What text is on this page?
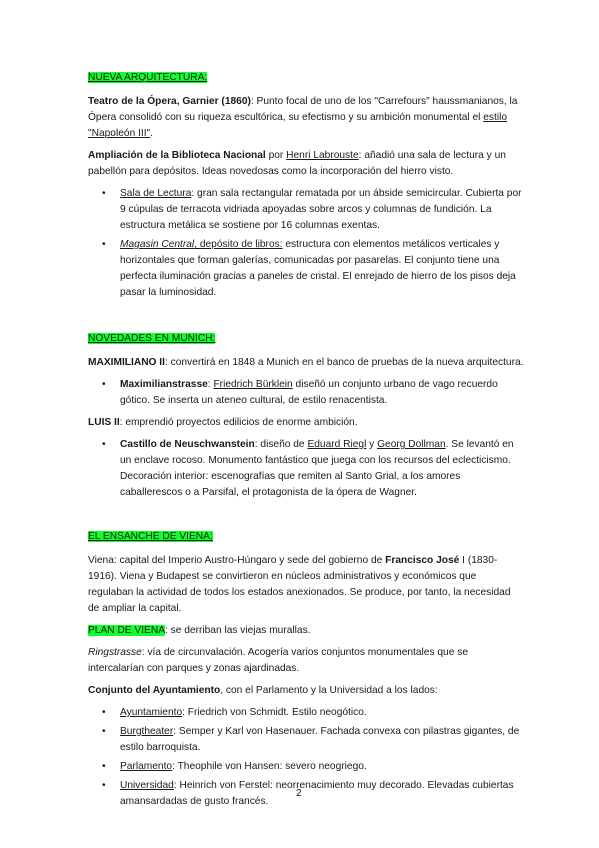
NUEVA ARQUITECTURA:

Teatro de la Ópera, Garnier (1860): Punto focal de uno de los "Carrefours" haussmanianos, la Ópera consolidó con su riqueza escultórica, su efectismo y su ambición monumental el estilo "Napoleón III".

Ampliación de la Biblioteca Nacional por Henri Labrouste: añadió una sala de lectura y un pabellón para depósitos. Ideas novedosas como la incorporación del hierro visto.

• Sala de Lectura: gran sala rectangular rematada por un ábside semicircular. Cubierta por 9 cúpulas de terracota vidriada apoyadas sobre arcos y columnas de fundición. La estructura metálica se sostiene por 16 columnas exentas.
• Magasin Central, depósito de libros: estructura con elementos metálicos verticales y horizontales que forman galerías, comunicadas por pasarelas. El conjunto tiene una perfecta iluminación gracias a paneles de cristal. El enrejado de hierro de los pisos deja pasar la luminosidad.

NOVEDADES EN MUNICH:

MAXIMILIANO II: convertirá en 1848 a Munich en el banco de pruebas de la nueva arquitectura.

• Maximilianstrasse: Friedrich Bürklein diseñó un conjunto urbano de vago recuerdo gótico. Se inserta un ateneo cultural, de estilo renacentista.

LUIS II: emprendió proyectos edilicios de enorme ambición.

• Castillo de Neuschwanstein: diseño de Eduard Riegl y Georg Dollman. Se levantó en un enclave rocoso. Monumento fantástico que juega con los recursos del eclecticismo. Decoración interior: escenografías que remiten al Santo Grial, a los amores caballerescos o a Parsifal, el protagonista de la ópera de Wagner.

EL ENSANCHE DE VIENA:

Viena: capital del Imperio Austro-Húngaro y sede del gobierno de Francisco José I (1830-1916). Viena y Budapest se convirtieron en núcleos administrativos y económicos que regulaban la actividad de todos los estados anexionados. Se produce, por tanto, la necesidad de ampliar la capital.

PLAN DE VIENA: se derriban las viejas murallas.

Ringstrasse: vía de circunvalación. Acogería varios conjuntos monumentales que se intercalarían con parques y zonas ajardinadas.

Conjunto del Ayuntamiento, con el Parlamento y la Universidad a los lados:

• Ayuntamiento: Friedrich von Schmidt. Estilo neogótico.
• Burgtheater: Semper y Karl von Hasenauer. Fachada convexa con pilastras gigantes, de estilo barroquista.
• Parlamento: Theophile von Hansen: severo neogriego.
• Universidad: Heinrich von Ferstel: neorrenacimiento muy decorado. Elevadas cubiertas amansardadas de gusto francés.
2
